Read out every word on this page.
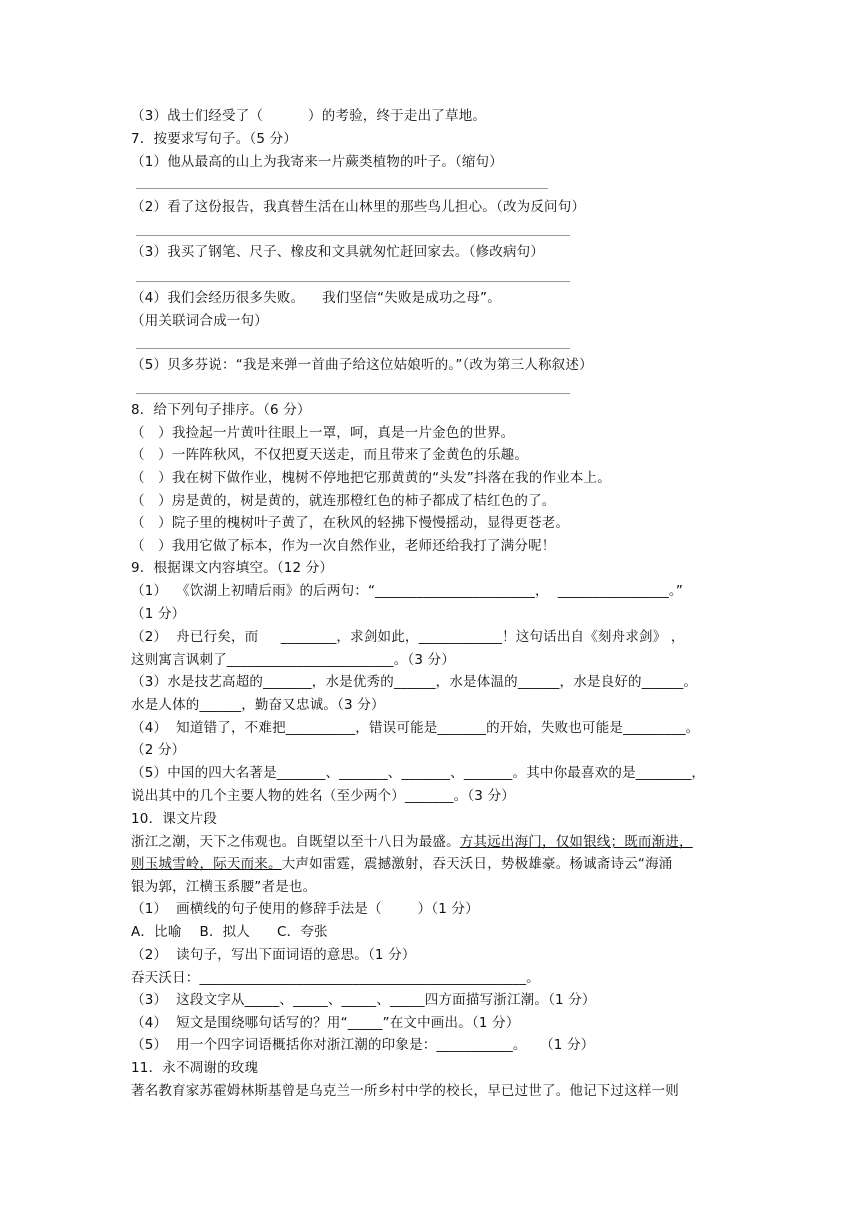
（3）战士们经受了（          ）的考验，终于走出了草地。
7．按要求写句子。（5 分）
（1）他从最高的山上为我寄来一片蕨类植物的叶子。（缩句）
（2）看了这份报告，我真替生活在山林里的那些鸟儿担心。（改为反问句）
（3）我买了钢笔、尺子、橡皮和文具就匆忙赶回家去。（修改病句）
（4）我们会经历很多失败。    我们坚信“失败是成功之母”。
（用关联词合成一句）
（5）贝多芬说：“我是来弹一首曲子给这位姑娘听的。”（改为第三人称叙述）
8．给下列句子排序。（6 分）
（   ）我捡起一片黄叶往眼上一罩，呵，真是一片金色的世界。
（   ）一阵阵秋风，不仅把夏天送走，而且带来了金黄色的乐趣。
（   ）我在树下做作业，槐树不停地把它那黄黄的“头发”抖落在我的作业本上。
（   ）房是黄的，树是黄的，就连那橙红色的柿子都成了桔红色的了。
（   ）院子里的槐树叶子黄了，在秋风的轻拂下慢慢摇动，显得更苍老。
（   ）我用它做了标本，作为一次自然作业，老师还给我打了满分呢！
9．根据课文内容填空。（12 分）
（1）  《饮湖上初晴后雨》的后两句：“_______________________，  ________________。”
（1 分）
（2）  舟已行矣，而     ________，求剑如此，____________！这句话出自《刻舟求剑》 ，
这则寓言讽刺了________________________。（3 分）
（3）水是技艺高超的_______，水是优秀的______，水是体温的______，水是良好的______。
水是人体的______，勤奋又忠诚。（3 分）
（4）  知道错了，不难把__________，错误可能是_______的开始，失败也可能是_________。
（2 分）
（5）中国的四大名著是_______、_______、_______、_______。其中你最喜欢的是________，
说出其中的几个主要人物的姓名（至少两个）_______。（3 分）
10．课文片段
浙江之潮，天下之伟观也。自既望以至十八日为最盛。方其远出海门，仅如银线；既而渐进，
则玉城雪岭，际天而来。大声如雷霆，震撼激射，吞天沃日，势极雄豪。杨诚斋诗云“海涌
银为郭，江横玉系腰”者是也。
（1）  画横线的句子使用的修辞手法是（        ）（1 分）
A．比喻    B．拟人      C．夸张
（2）  读句子，写出下面词语的意思。（1 分）
吞天沃日：_______________________________________________。
（3）  这段文字从_____、_____、_____、_____四方面描写浙江潮。（1 分）
（4）  短文是围绕哪句话写的？用“_____”在文中画出。（1 分）
（5）  用一个四字词语概括你对浙江潮的印象是：___________。   （1 分）
11．永不凋谢的玫瑰
著名教育家苏霍姆林斯基曾是乌克兰一所乡村中学的校长，早已过世了。他记下过这样一则
